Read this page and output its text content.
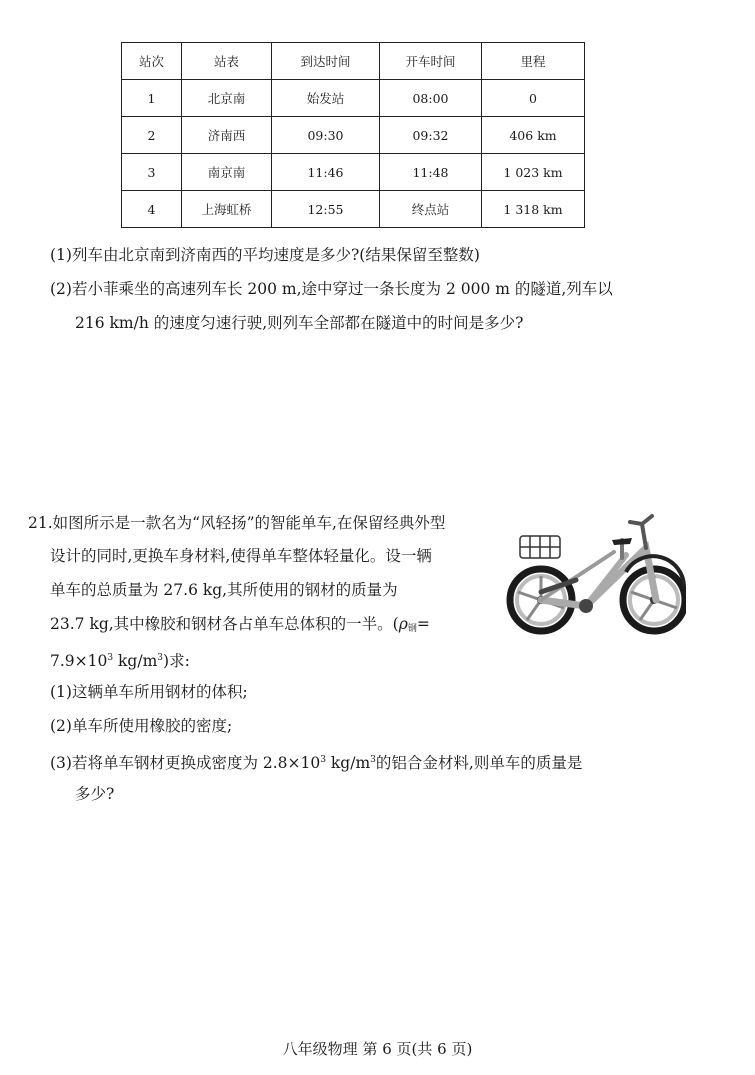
站次	站表	到达时间	开车时间	里程
1	北京南	始发站	08:00	0
2	济南西	09:30	09:32	406 km
3	南京南	11:46	11:48	1 023 km
4	上海虹桥	12:55	终点站	1 318 km
(1)列车由北京南到济南西的平均速度是多少?(结果保留至整数)
(2)若小菲乘坐的高速列车长 200 m,途中穿过一条长度为 2 000 m 的隧道,列车以
216 km/h 的速度匀速行驶,则列车全部都在隧道中的时间是多少?
21.如图所示是一款名为“风轻扬”的智能单车,在保留经典外型
设计的同时,更换车身材料,使得单车整体轻量化。设一辆
单车的总质量为 27.6 kg,其所使用的钢材的质量为
23.7 kg,其中橡胶和钢材各占单车总体积的一半。($\rho_钢=$
$7.9\times 10^3$ $kg/m^3$)求:
(1)这辆单车所用钢材的体积;
(2)单车所使用橡胶的密度;
(3)若将单车钢材更换成密度为 $2.8\times 10^3$ $kg/m^3$的铝合金材料,则单车的质量是
多少?
八年级物理 第 6 页(共 6 页)
